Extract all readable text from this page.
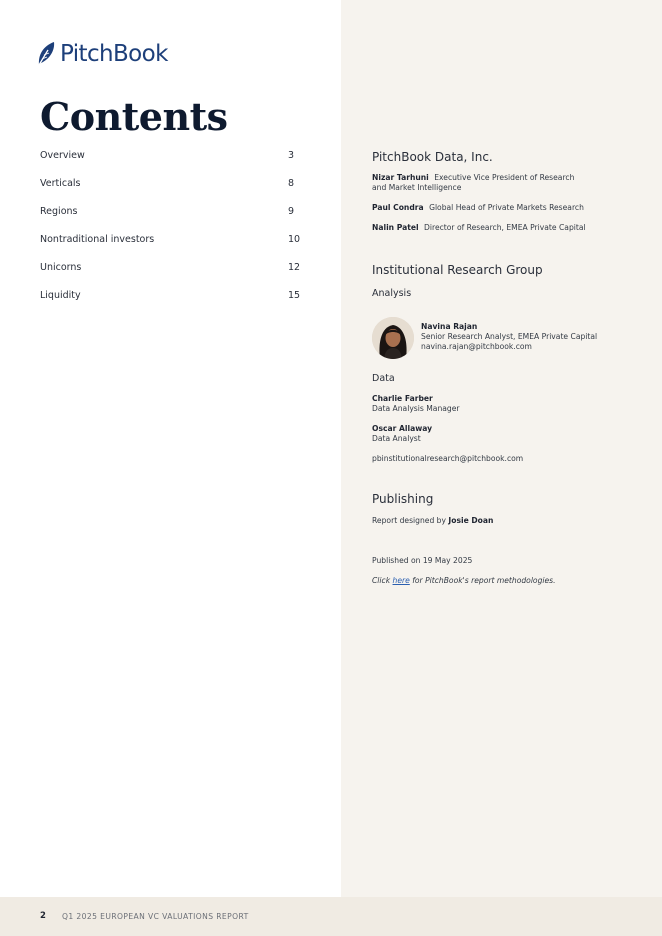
PitchBook
Contents
Overview	3
Verticals	8
Regions	9
Nontraditional investors	10
Unicorns	12
Liquidity	15
PitchBook Data, Inc.
Nizar Tarhuni Executive Vice President of Research and Market Intelligence
Paul Condra Global Head of Private Markets Research
Nalin Patel Director of Research, EMEA Private Capital
Institutional Research Group
Analysis
Navina Rajan
Senior Research Analyst, EMEA Private Capital
navina.rajan@pitchbook.com
Data
Charlie Farber
Data Analysis Manager
Oscar Allaway
Data Analyst
pbinstitutionalresearch@pitchbook.com
Publishing
Report designed by Josie Doan
Published on 19 May 2025
Click here for PitchBook's report methodologies.
2 Q1 2025 EUROPEAN VC VALUATIONS REPORT
